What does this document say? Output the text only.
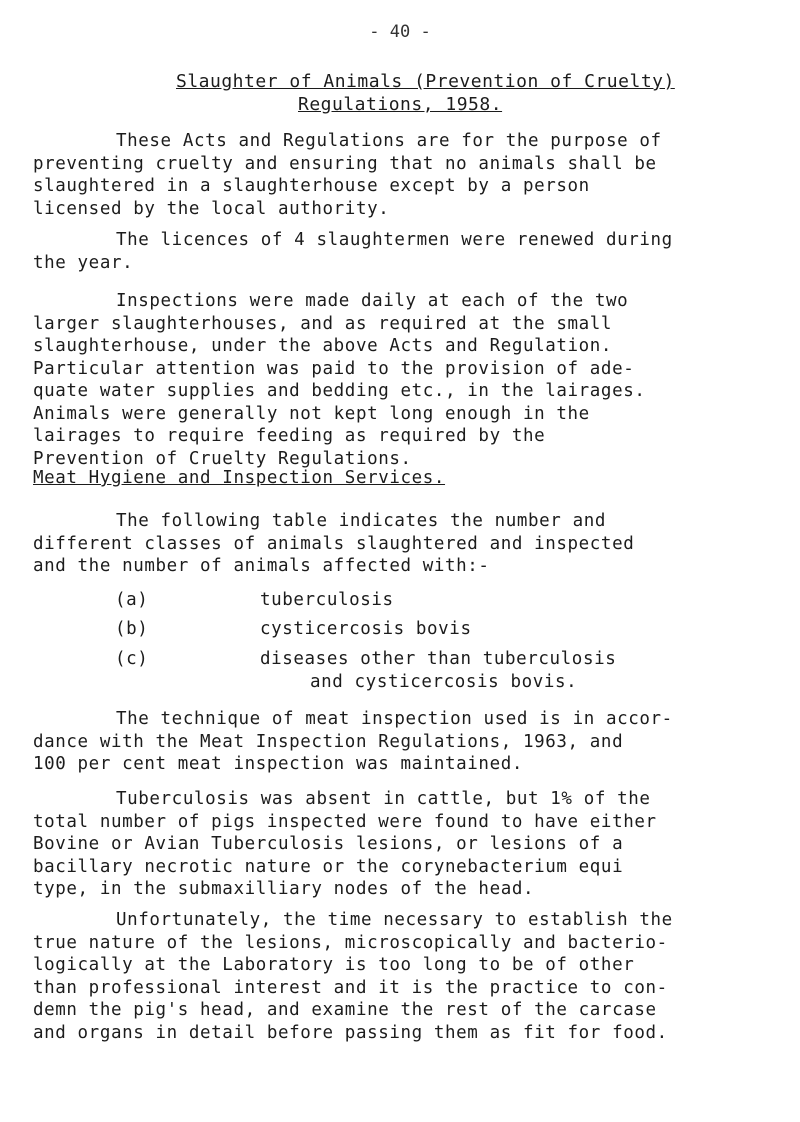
- 40 -
Slaughter of Animals (Prevention of Cruelty)
Regulations, 1958.
These Acts and Regulations are for the purpose of
preventing cruelty and ensuring that no animals shall be
slaughtered in a slaughterhouse except by a person
licensed by the local authority.
The licences of 4 slaughtermen were renewed during
the year.
Inspections were made daily at each of the two
larger slaughterhouses, and as required at the small
slaughterhouse, under the above Acts and Regulation.
Particular attention was paid to the provision of ade-
quate water supplies and bedding etc., in the lairages.
Animals were generally not kept long enough in the
lairages to require feeding as required by the
Prevention of Cruelty Regulations.
Meat Hygiene and Inspection Services.
The following table indicates the number and
different classes of animals slaughtered and inspected
and the number of animals affected with:-
(a)	tuberculosis
(b)	cysticercosis bovis
(c)	diseases other than tuberculosis
and cysticercosis bovis.
The technique of meat inspection used is in accor-
dance with the Meat Inspection Regulations, 1963, and
100 per cent meat inspection was maintained.
Tuberculosis was absent in cattle, but 1% of the
total number of pigs inspected were found to have either
Bovine or Avian Tuberculosis lesions, or lesions of a
bacillary necrotic nature or the corynebacterium equi
type, in the submaxilliary nodes of the head.
Unfortunately, the time necessary to establish the
true nature of the lesions, microscopically and bacterio-
logically at the Laboratory is too long to be of other
than professional interest and it is the practice to con-
demn the pig's head, and examine the rest of the carcase
and organs in detail before passing them as fit for food.
